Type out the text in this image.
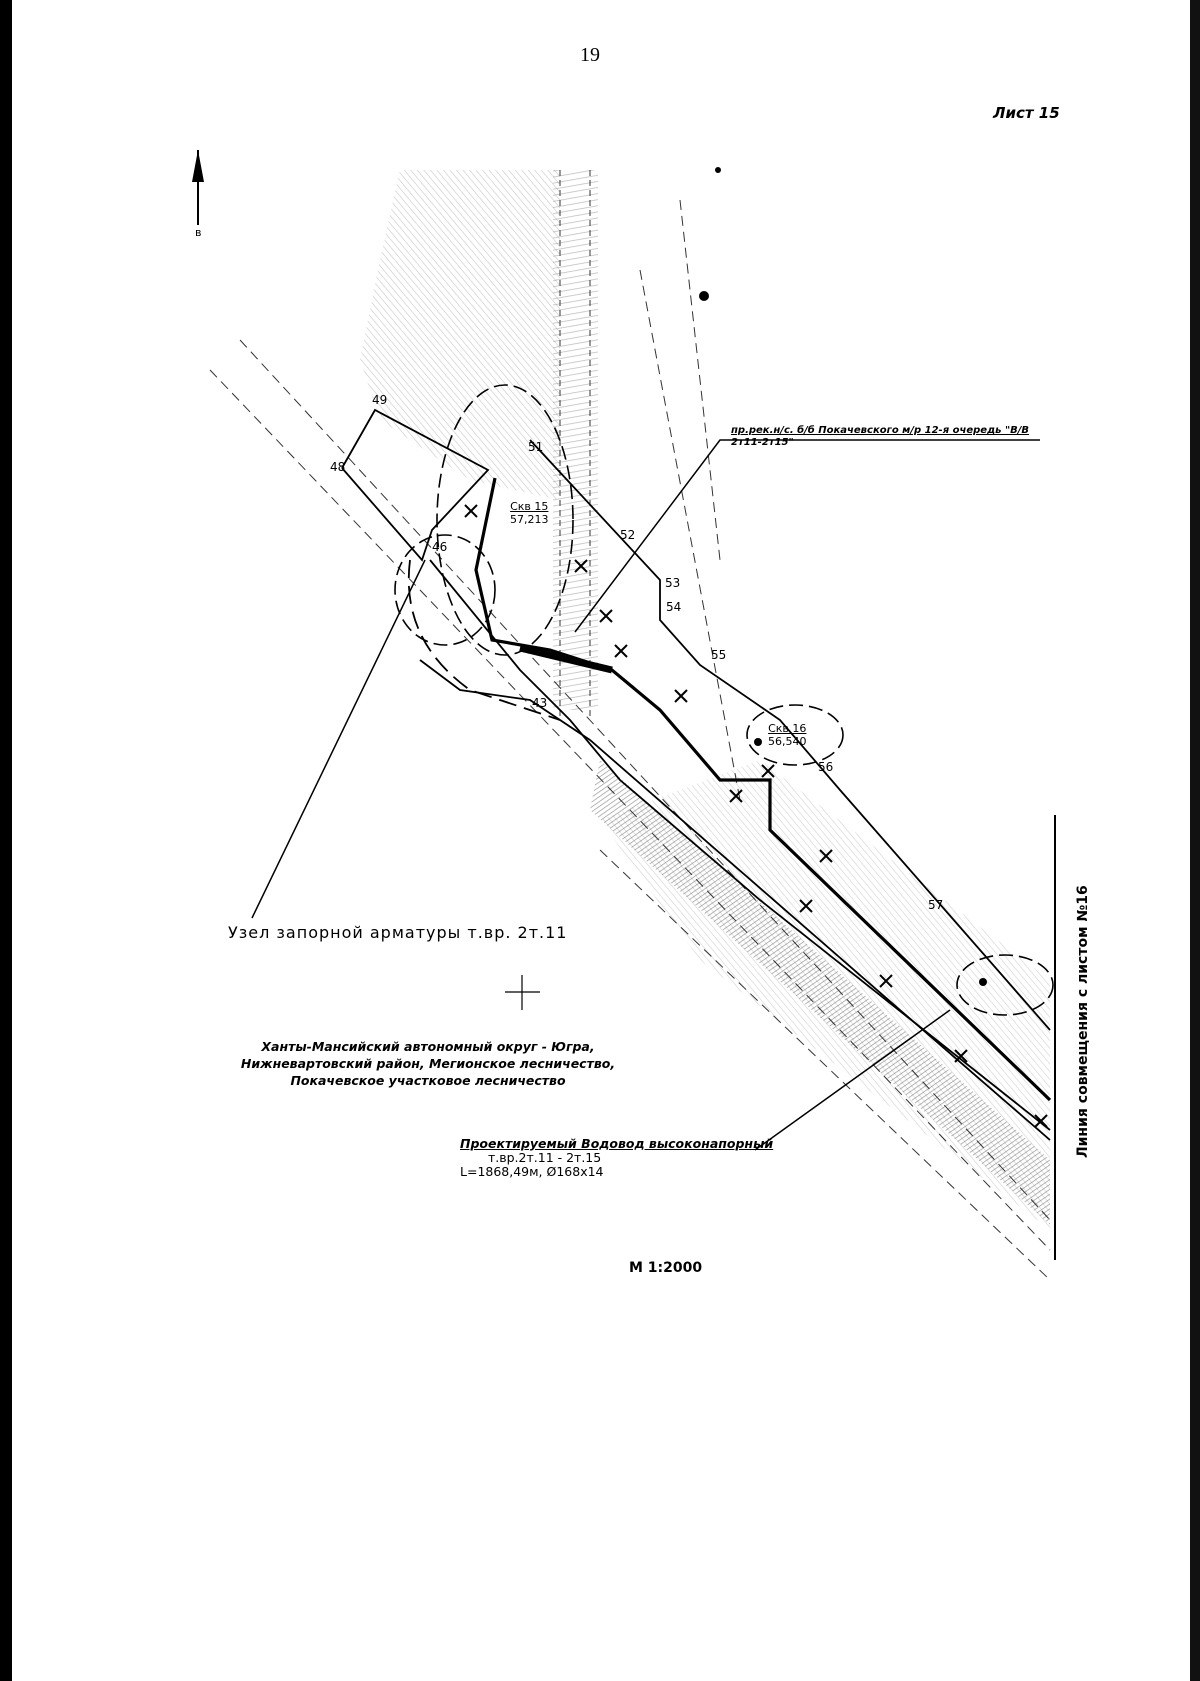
19
Лист 15
в
48
49
51
52
53
54
55
56
57
43
46
Скв 16
56,540
Скв 15
57,213
пр.рек.н/с. б/б Покачевского м/р 12-я очередь "В/В
2т11-2т15"
Узел запорной арматуры т.вр. 2т.11
Ханты-Мансийский автономный округ - Югра,
Нижневартовский район, Мегионское лесничество,
Покачевское участковое лесничество
Проектируемый Водовод высоконапорный
т.вр.2т.11 - 2т.15
L=1868,49м, Ø168х14
Линия совмещения с листом №16
М 1:2000
